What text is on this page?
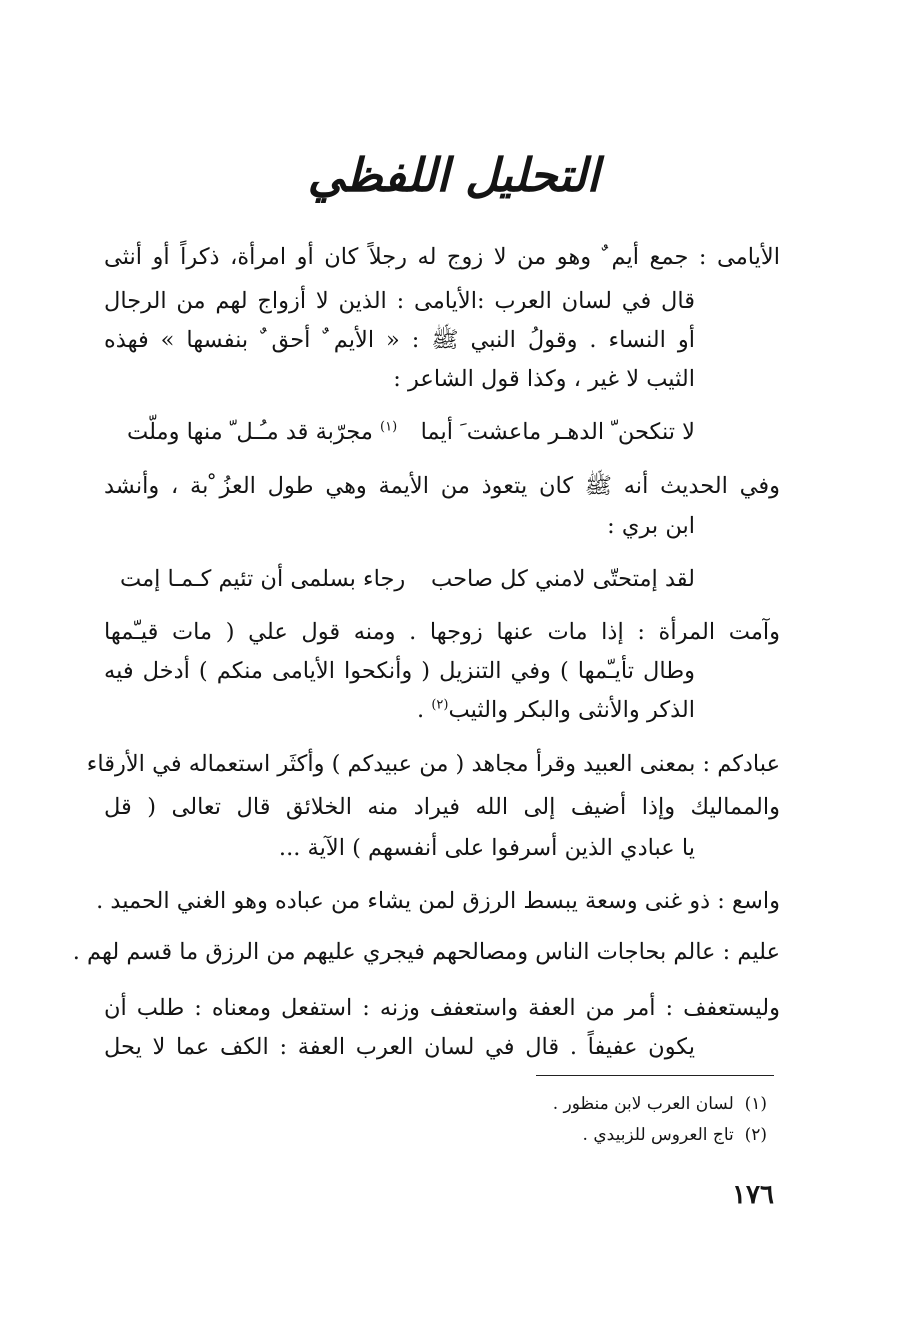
التحليل اللفظي
الأيامى : جمع أيم ٌ وهو من لا زوج له رجلاً كان أو امرأة، ذكراً أو أنثى
قال في لسان العرب :الأيامى : الذين لا أزواج لهم من الرجال
أو النساء . وقولُ النبي ﷺ : « الأيم ٌ أحق ٌ بنفسها » فهذه
الثيب لا غير ، وكذا قول الشاعر :
لا تنكحن ّ الدهـر ماعشت َ أيما
$^{(١)}$ مجرّبة قد مـُـل ّ منها وملّت
وفي الحديث أنه ﷺ كان يتعوذ من الأيمة وهي طول العزُ ْبة ، وأنشد
ابن بري :
لقد إمتحتّى لامني كل صاحب
رجاء بسلمى أن تئيم كـمـا إمت
وآمت المرأة : إذا مات عنها زوجها . ومنه قول علي ( مات قيـّمها
وطال تأيـّمها ) وفي التنزيل ( وأنكحوا الأيامى منكم ) أدخل فيه
الذكر والأنثى والبكر والثيب$^{(٢)}$ .
عبادكم : بمعنى العبيد وقرأ مجاهد ( من عبيدكم ) وأكثَر استعماله في الأرقاء
والمماليك وإذا أضيف إلى الله فيراد منه الخلائق قال تعالى ( قل
يا عبادي الذين أسرفوا على أنفسهم ) الآية ...
واسع : ذو غنى وسعة يبسط الرزق لمن يشاء من عباده وهو الغني الحميد .
عليم : عالم بحاجات الناس ومصالحهم فيجري عليهم من الرزق ما قسم لهم .
وليستعفف : أمر من العفة واستعفف وزنه : استفعل ومعناه : طلب أن
يكون عفيفاً . قال في لسان العرب العفة : الكف عما لا يحل
(١)  لسان العرب لابن منظور .
(٢)  تاج العروس للزبيدي .
١٧٦
